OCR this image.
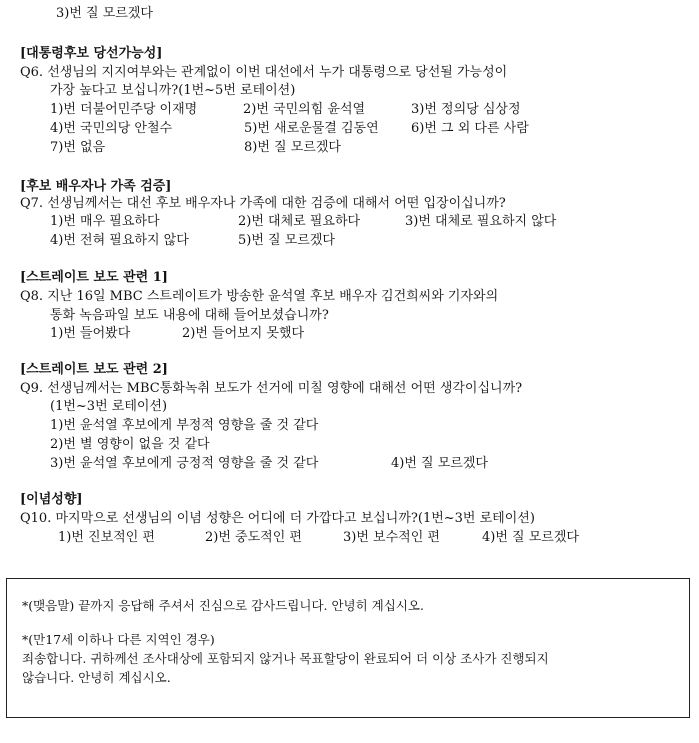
3)번 질 모르겠다
[대통령후보 당선가능성]
Q6. 선생님의 지지여부와는 관계없이 이번 대선에서 누가 대통령으로 당선될 가능성이
가장 높다고 보십니까?(1번~5번 로테이션)
1)번 더불어민주당 이재명	2)번 국민의힘 윤석열	3)번 정의당 심상정
4)번 국민의당 안철수	5)번 새로운물결 김동연 6)번 그 외 다른 사람
7)번 없음	8)번 질 모르겠다
[후보 배우자나 가족 검증]
Q7. 선생님께서는 대선 후보 배우자나 가족에 대한 검증에 대해서 어떤 입장이십니까?
1)번 매우 필요하다	2)번 대체로 필요하다	3)번 대체로 필요하지 않다
4)번 전혀 필요하지 않다	5)번 질 모르겠다
[스트레이트 보도 관련 1]
Q8. 지난 16일 MBC 스트레이트가 방송한 윤석열 후보 배우자 김건희씨와 기자와의
통화 녹음파일 보도 내용에 대해 들어보셨습니까?
1)번 들어봤다	2)번 들어보지 못했다
[스트레이트 보도 관련 2]
Q9. 선생님께서는 MBC통화녹취 보도가 선거에 미칠 영향에 대해선 어떤 생각이십니까?
(1번~3번 로테이션)
1)번 윤석열 후보에게 부정적 영향을 줄 것 같다
2)번 별 영향이 없을 것 같다
3)번 윤석열 후보에게 긍정적 영향을 줄 것 같다	4)번 질 모르겠다
[이념성향]
Q10. 마지막으로 선생님의 이념 성향은 어디에 더 가깝다고 보십니까?(1번~3번 로테이션)
1)번 진보적인 편	2)번 중도적인 편	3)번 보수적인 편	4)번 질 모르겠다
*(맺음말) 끝까지 응답해 주셔서 진심으로 감사드립니다. 안녕히 계십시오.
*(만17세 이하나 다른 지역인 경우)
죄송합니다. 귀하께선 조사대상에 포함되지 않거나 목표할당이 완료되어 더 이상 조사가 진행되지
않습니다. 안녕히 계십시오.
